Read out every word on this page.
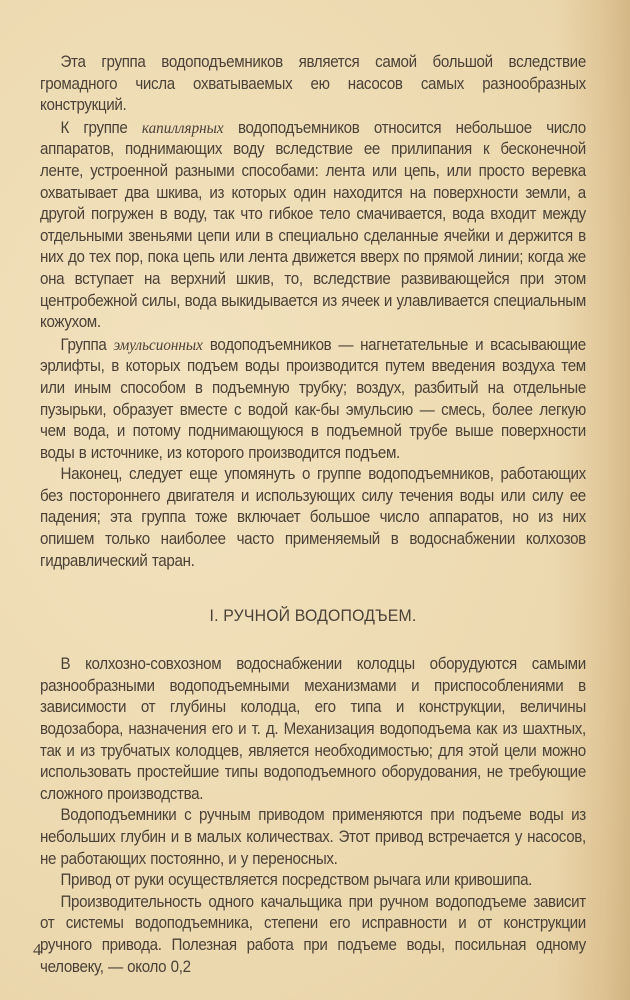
Эта группа водоподъемников является самой большой вследствие громадного числа охватываемых ею насосов самых разнообразных конструкций.

К группе капиллярных водоподъемников относится небольшое число аппаратов, поднимающих воду вследствие ее прилипания к бесконечной ленте, устроенной разными способами: лента или цепь, или просто веревка охватывает два шкива, из которых один находится на поверхности земли, а другой погружен в воду, так что гибкое тело смачивается, вода входит между отдельными звеньями цепи или в специально сделанные ячейки и держится в них до тех пор, пока цепь или лента движется вверх по прямой линии; когда же она вступает на верхний шкив, то, вследствие развивающейся при этом центробежной силы, вода выкидывается из ячеек и улавливается специальным кожухом.

Группа эмульсионных водоподъемников — нагнетательные и всасывающие эрлифты, в которых подъем воды производится путем введения воздуха тем или иным способом в подъемную трубку; воздух, разбитый на отдельные пузырьки, образует вместе с водой как-бы эмульсию — смесь, более легкую чем вода, и потому поднимающуюся в подъемной трубе выше поверхности воды в источнике, из которого производится подъем.

Наконец, следует еще упомянуть о группе водоподъемников, работающих без постороннего двигателя и использующих силу течения воды или силу ее падения; эта группа тоже включает большое число аппаратов, но из них опишем только наиболее часто применяемый в водоснабжении колхозов гидравлический таран.

I. РУЧНОЙ ВОДОПОДЪЕМ.

В колхозно-совхозном водоснабжении колодцы оборудуются самыми разнообразными водоподъемными механизмами и приспособлениями в зависимости от глубины колодца, его типа и конструкции, величины водозабора, назначения его и т. д. Механизация водоподъема как из шахтных, так и из трубчатых колодцев, является необходимостью; для этой цели можно использовать простейшие типы водоподъемного оборудования, не требующие сложного производства.

Водоподъемники с ручным приводом применяются при подъеме воды из небольших глубин и в малых количествах. Этот привод встречается у насосов, не работающих постоянно, и у переносных.

Привод от руки осуществляется посредством рычага или кривошипа.

Производительность одного качальщика при ручном водоподъеме зависит от системы водоподъемника, степени его исправности и от конструкции ручного привода. Полезная работа при подъеме воды, посильная одному человеку, — около 0,2

4
